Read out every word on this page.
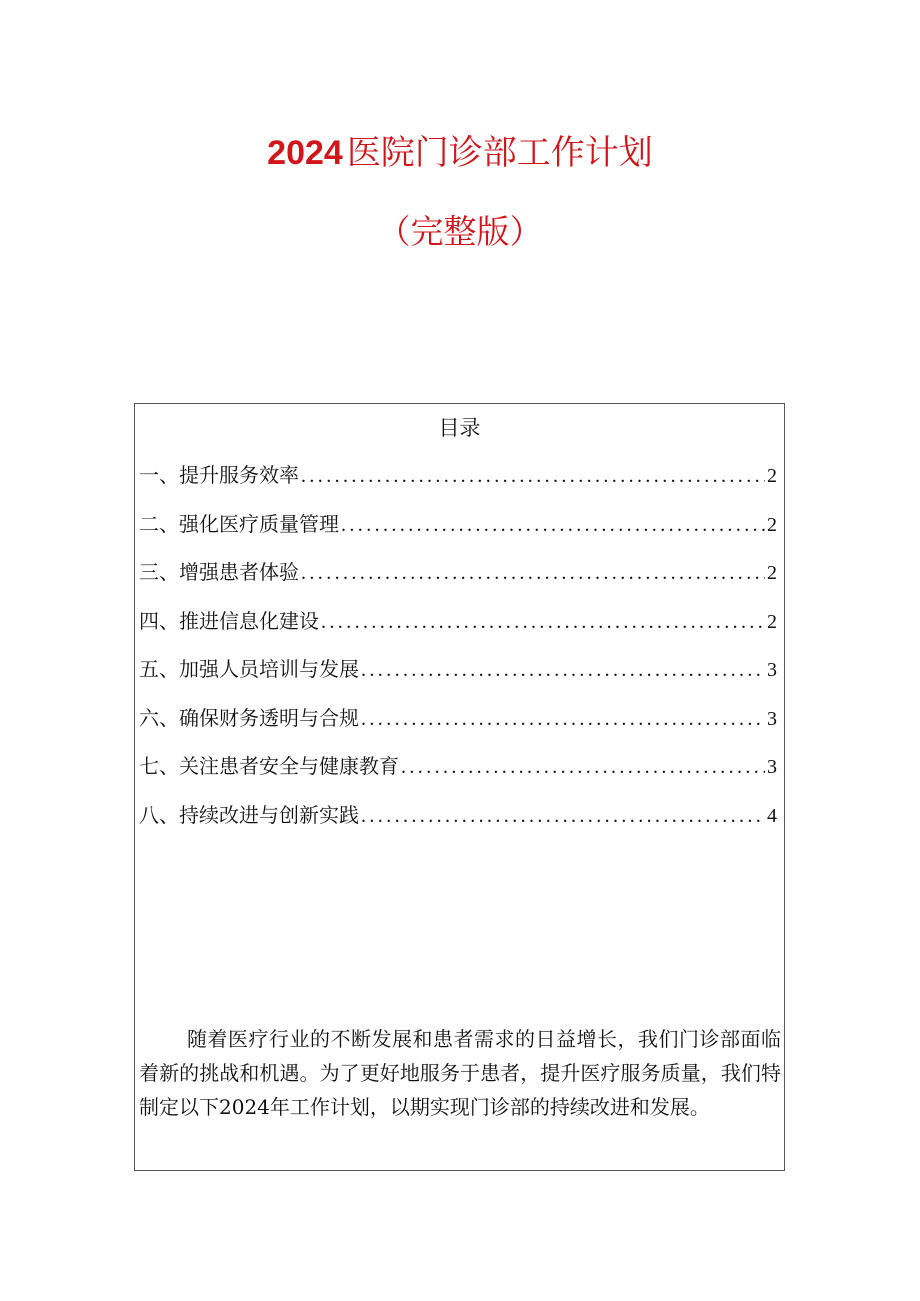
2024 医院门诊部工作计划
（完整版）
目录
一、提升服务效率 .....	2
二、强化医疗质量管理 .....	2
三、增强患者体验 .....	2
四、推进信息化建设 .....	2
五、加强人员培训与发展 .....	3
六、确保财务透明与合规 .....	3
七、关注患者安全与健康教育 .....	3
八、持续改进与创新实践 .....	4

随着医疗行业的不断发展和患者需求的日益增长，我们门诊部面临着新的挑战和机遇。为了更好地服务于患者，提升医疗服务质量，我们特制定以下2024年工作计划，以期实现门诊部的持续改进和发展。
